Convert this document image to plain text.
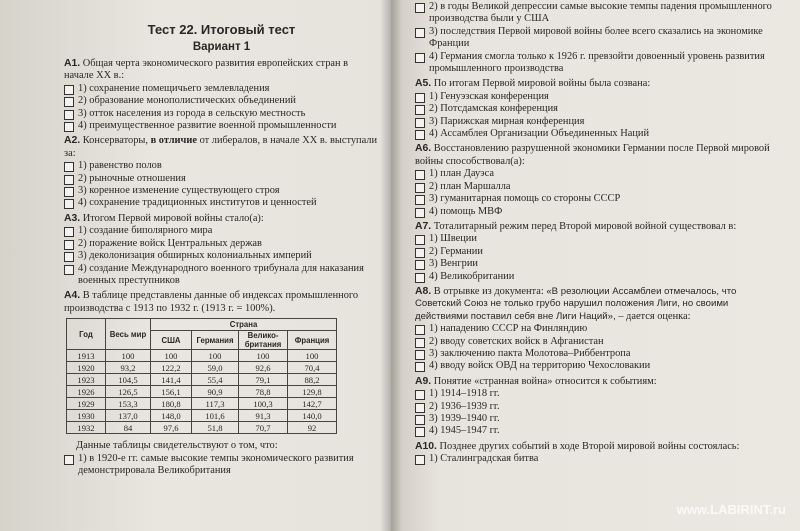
Тест 22. Итоговый тест
Вариант 1

A1. Общая черта экономического развития европейских стран в начале XX в.:

1) сохранение помещичьего землевладения
2) образование монополистических объединений
3) отток населения из города в сельскую местность
4) преимущественное развитие военной промышленности

A2. Консерваторы, в отличие от либералов, в начале XX в. выступали за:

1) равенство полов
2) рыночные отношения
3) коренное изменение существующего строя
4) сохранение традиционных институтов и ценностей

A3. Итогом Первой мировой войны стало(а):

1) создание биполярного мира
2) поражение войск Центральных держав
3) деколонизация обширных колониальных империй
4) создание Международного военного трибунала для наказания военных преступников

A4. В таблице представлены данные об индексах промышленного производства с 1913 по 1932 г. (1913 г. = 100%).

Год	Весь мир	Страна			
		США	Германия	Велико-британия	Франция
1913	100	100	100	100	100
1920	93,2	122,2	59,0	92,6	70,4
1923	104,5	141,4	55,4	79,1	88,2
1926	126,5	156,1	90,9	78,8	129,8
1929	153,3	180,8	117,3	100,3	142,7
1930	137,0	148,0	101,6	91,3	140,0
1932	84	97,6	51,8	70,7	92

Данные таблицы свидетельствуют о том, что:

1) в 1920-е гг. самые высокие темпы экономического развития демонстрировала Великобритания
2) в годы Великой депрессии самые высокие темпы падения промышленного производства были у США
3) последствия Первой мировой войны более всего сказались на экономике Франции
4) Германия смогла только к 1926 г. превзойти довоенный уровень развития промышленного производства

A5. По итогам Первой мировой войны была созвана:

1) Генуэзская конференция
2) Потсдамская конференция
3) Парижская мирная конференция
4) Ассамблея Организации Объединенных Наций

A6. Восстановлению разрушенной экономики Германии после Первой мировой войны способствовал(а):

1) план Дауэса
2) план Маршалла
3) гуманитарная помощь со стороны СССР
4) помощь МВФ

A7. Тоталитарный режим перед Второй мировой войной существовал в:

1) Швеции
2) Германии
3) Венгрии
4) Великобритании

A8. В отрывке из документа: «В резолюции Ассамблеи отмечалось, что Советский Союз не только грубо нарушил положения Лиги, но своими действиями поставил себя вне Лиги Наций», – дается оценка:

1) нападению СССР на Финляндию
2) вводу советских войск в Афганистан
3) заключению пакта Молотова–Риббентропа
4) вводу войск ОВД на территорию Чехословакии

A9. Понятие «странная война» относится к событиям:

1) 1914–1918 гг.
2) 1936–1939 гг.
3) 1939–1940 гг.
4) 1945–1947 гг.

A10. Позднее других событий в ходе Второй мировой войны состоялась:

1) Сталинградская битва
www.LABIRINT.ru
